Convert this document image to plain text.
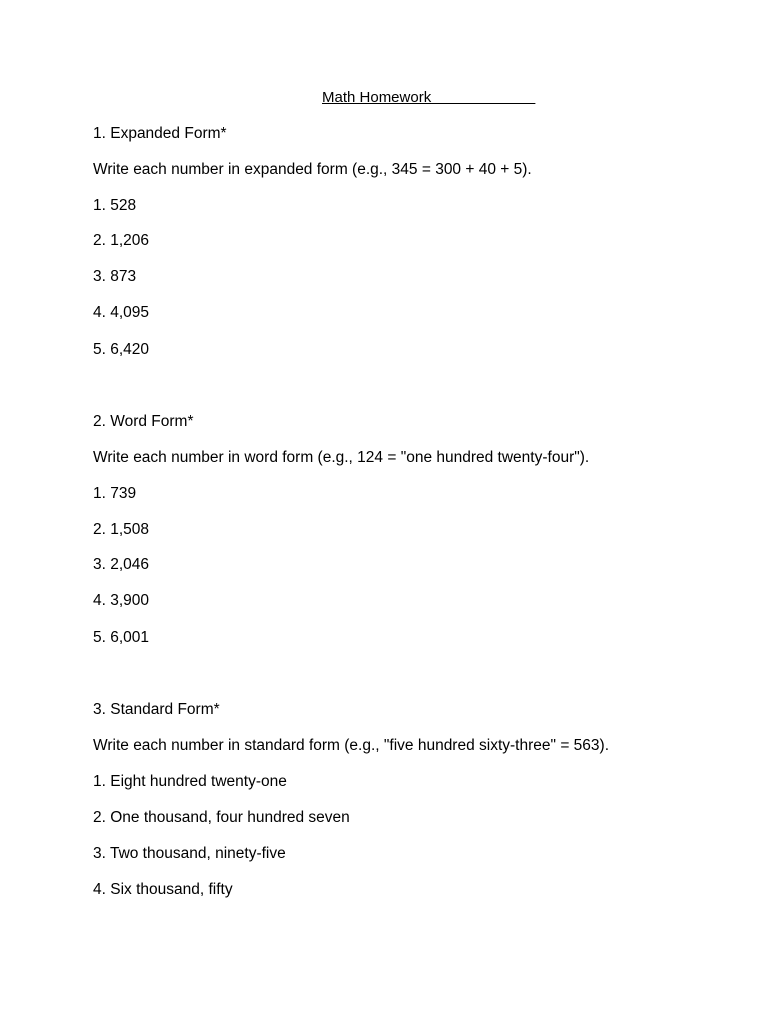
Math Homework
1. Expanded Form*
Write each number in expanded form (e.g., 345 = 300 + 40 + 5).
1. 528
2. 1,206
3. 873
4. 4,095
5. 6,420
2. Word Form*
Write each number in word form (e.g., 124 = "one hundred twenty-four").
1. 739
2. 1,508
3. 2,046
4. 3,900
5. 6,001
3. Standard Form*
Write each number in standard form (e.g., "five hundred sixty-three" = 563).
1. Eight hundred twenty-one
2. One thousand, four hundred seven
3. Two thousand, ninety-five
4. Six thousand, fifty
